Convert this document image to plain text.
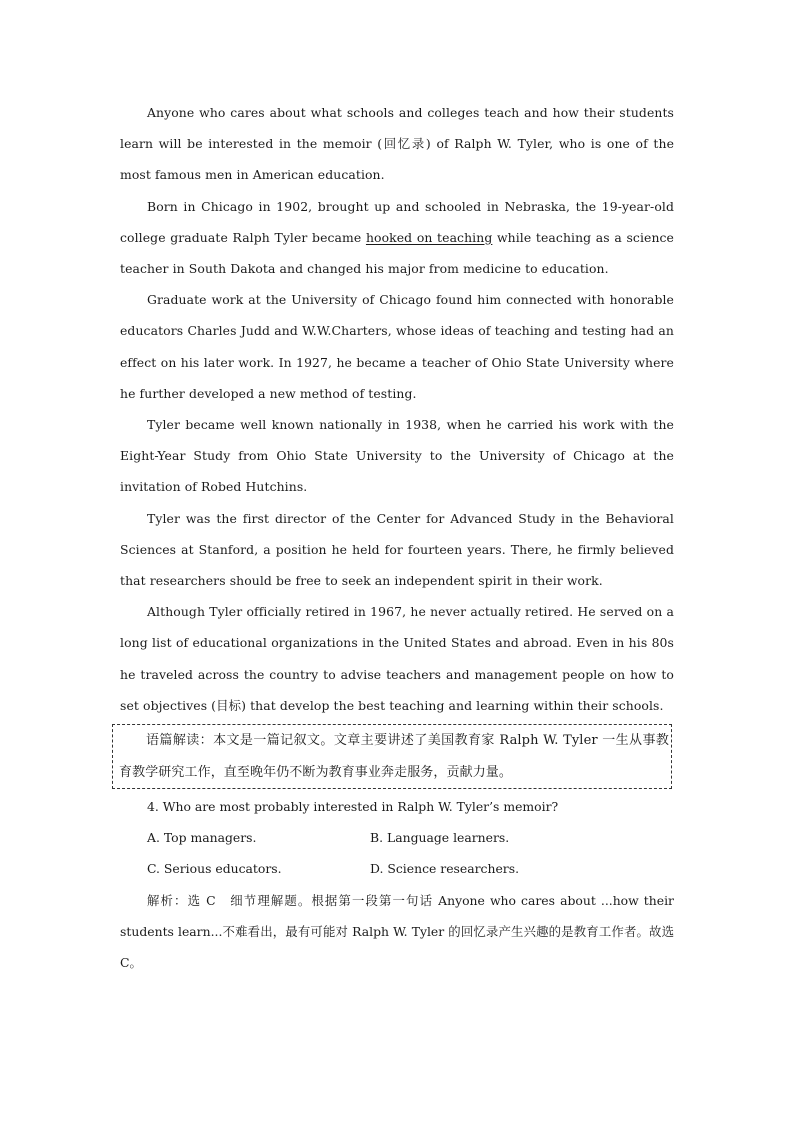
Anyone who cares about what schools and colleges teach and how their students learn will be interested in the memoir (回忆录) of Ralph W. Tyler, who is one of the most famous men in American education.

Born in Chicago in 1902, brought up and schooled in Nebraska, the 19-year-old college graduate Ralph Tyler became hooked on teaching while teaching as a science teacher in South Dakota and changed his major from medicine to education.

Graduate work at the University of Chicago found him connected with honorable educators Charles Judd and W.W.Charters, whose ideas of teaching and testing had an effect on his later work. In 1927, he became a teacher of Ohio State University where he further developed a new method of testing.

Tyler became well known nationally in 1938, when he carried his work with the Eight-Year Study from Ohio State University to the University of Chicago at the invitation of Robed Hutchins.

Tyler was the first director of the Center for Advanced Study in the Behavioral Sciences at Stanford, a position he held for fourteen years. There, he firmly believed that researchers should be free to seek an independent spirit in their work.

Although Tyler officially retired in 1967, he never actually retired. He served on a long list of educational organizations in the United States and abroad. Even in his 80s he traveled across the country to advise teachers and management people on how to set objectives (目标) that develop the best teaching and learning within their schools.

语篇解读：本文是一篇记叙文。文章主要讲述了美国教育家 Ralph W. Tyler 一生从事教育教学研究工作，直至晚年仍不断为教育事业奔走服务，贡献力量。

4. Who are most probably interested in Ralph W. Tyler’s memoir?

A. Top managers.	B. Language learners.
C. Serious educators.	D. Science researchers.

解析：选 C　细节理解题。根据第一段第一句话 Anyone who cares about ...how their students learn...不难看出，最有可能对 Ralph W. Tyler 的回忆录产生兴趣的是教育工作者。故选 C。
